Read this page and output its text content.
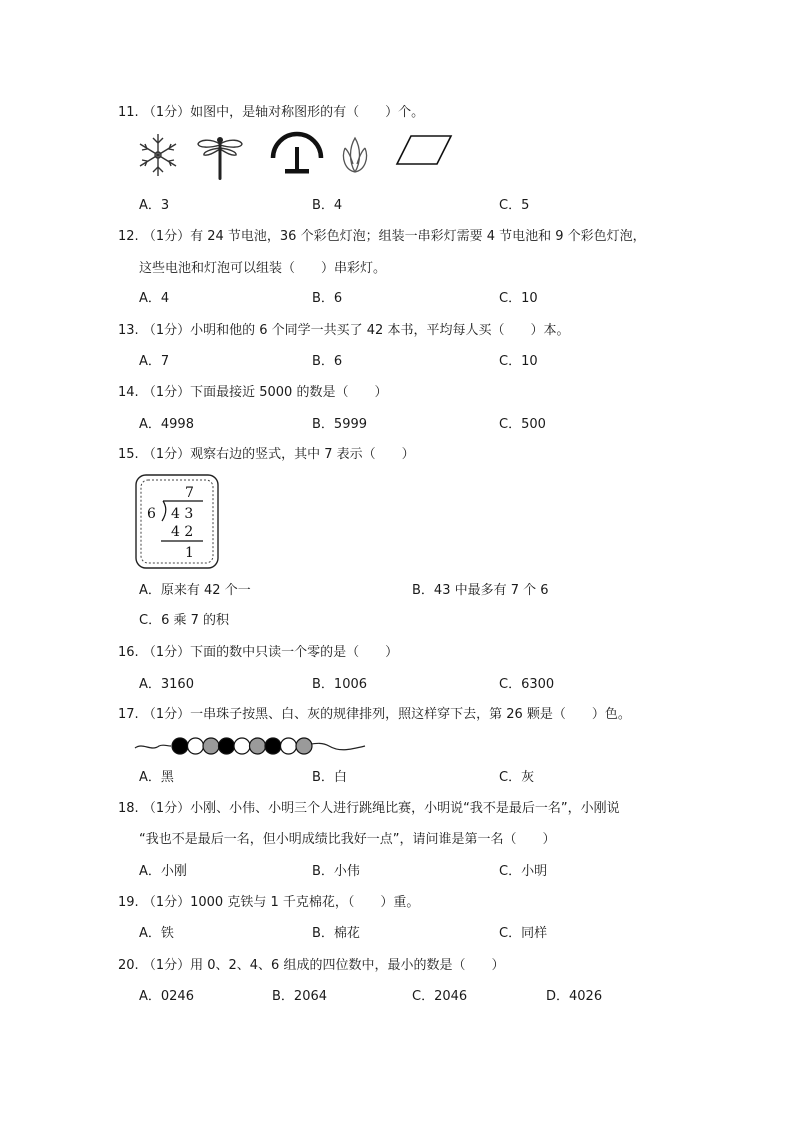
11. （1分）如图中，是轴对称图形的有（　　）个。
A．3	B．4	C．5
12. （1分）有 24 节电池，36 个彩色灯泡；组装一串彩灯需要 4 节电池和 9 个彩色灯泡，
这些电池和灯泡可以组装（　　）串彩灯。
A．4	B．6	C．10
13. （1分）小明和他的 6 个同学一共买了 42 本书，平均每人买（　　）本。
A．7	B．6	C．10
14. （1分）下面最接近 5000 的数是（　　）
A．4998	B．5999	C．500
15. （1分）观察右边的竖式，其中 7 表示（　　）
7
6 4 3
4 2
1
A．原来有 42 个一	B．43 中最多有 7 个 6
C．6 乘 7 的积
16. （1分）下面的数中只读一个零的是（　　）
A．3160	B．1006	C．6300
17. （1分）一串珠子按黑、白、灰的规律排列，照这样穿下去，第 26 颗是（　　）色。
A．黑	B．白	C．灰
18. （1分）小刚、小伟、小明三个人进行跳绳比赛，小明说“我不是最后一名”，小刚说
“我也不是最后一名，但小明成绩比我好一点”，请问谁是第一名（　　）
A．小刚	B．小伟	C．小明
19. （1分）1000 克铁与 1 千克棉花，（　　）重。
A．铁	B．棉花	C．同样
20. （1分）用 0、2、4、6 组成的四位数中，最小的数是（　　）
A．0246	B．2064	C．2046	D．4026
